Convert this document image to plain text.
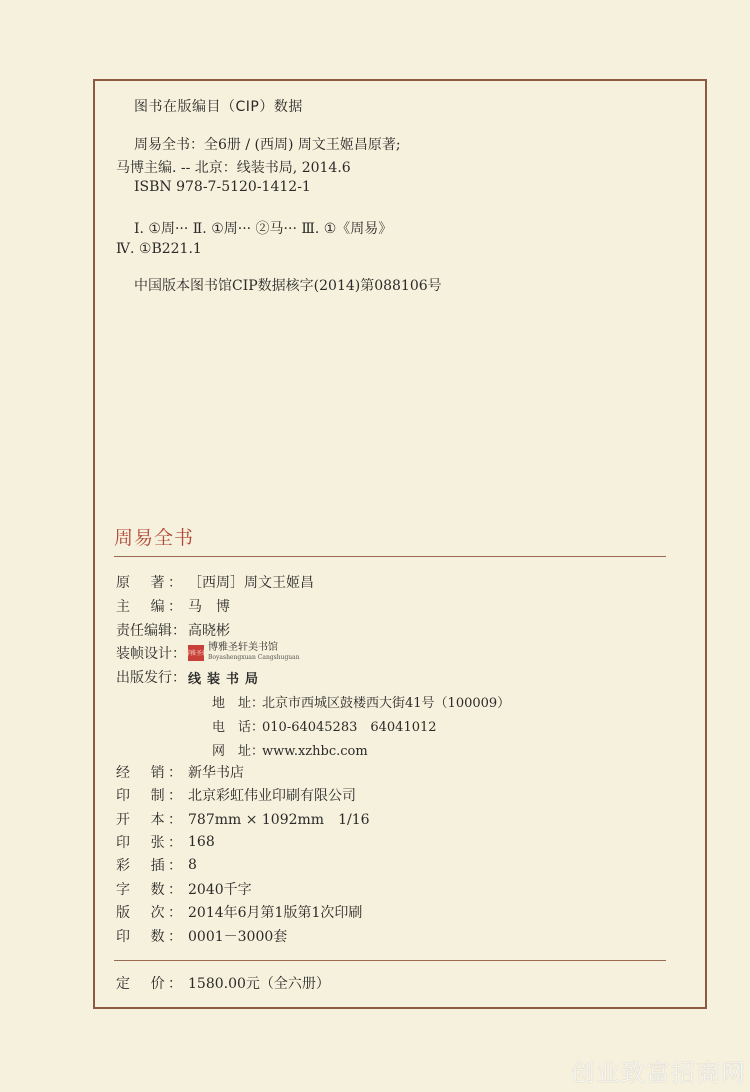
图书在版编目（CIP）数据
周易全书：全6册 / (西周) 周文王姬昌原著;
马博主编. -- 北京：线装书局, 2014.6
ISBN 978-7-5120-1412-1
Ⅰ. ①周··· Ⅱ. ①周··· ②马··· Ⅲ. ①《周易》
Ⅳ. ①B221.1
中国版本图书馆CIP数据核字(2014)第088106号
周易全书
原　著： ［西周］周文王姬昌
主　编： 马　博
责任编辑： 高晓彬
装帧设计：
博雅圣轩 博雅圣轩美书馆
Boyashengxuan Cangshuguan
出版发行： 线装书局
地　址：北京市西城区鼓楼西大街41号（100009）
电　话：010-64045283　64041012
网　址：www.xzhbc.com
经　销： 新华书店
印　制： 北京彩虹伟业印刷有限公司
开　本： 787mm × 1092mm　1/16
印　张： 168
彩　插： 8
字　数： 2040千字
版　次： 2014年6月第1版第1次印刷
印　数： 0001－3000套
定　价： 1580.00元（全六册）
创业致富招商网
